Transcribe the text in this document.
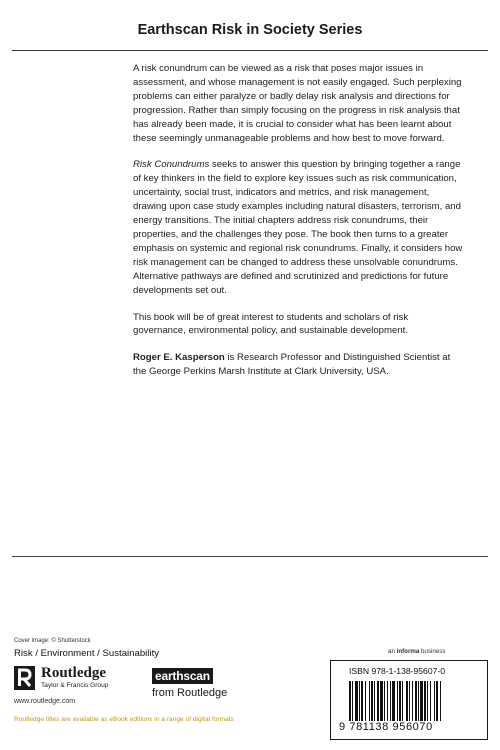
Earthscan Risk in Society Series

A risk conundrum can be viewed as a risk that poses major issues in assessment, and whose management is not easily engaged. Such perplexing problems can either paralyze or badly delay risk analysis and directions for progression. Rather than simply focusing on the progress in risk analysis that has already been made, it is crucial to consider what has been learnt about these seemingly unmanageable problems and how best to move forward.

Risk Conundrums seeks to answer this question by bringing together a range of key thinkers in the field to explore key issues such as risk communication, uncertainty, social trust, indicators and metrics, and risk management, drawing upon case study examples including natural disasters, terrorism, and energy transitions. The initial chapters address risk conundrums, their properties, and the challenges they pose. The book then turns to a greater emphasis on systemic and regional risk conundrums. Finally, it considers how risk management can be changed to address these unsolvable conundrums. Alternative pathways are defined and scrutinized and predictions for future developments set out.

This book will be of great interest to students and scholars of risk governance, environmental policy, and sustainable development.

Roger E. Kasperson is Research Professor and Distinguished Scientist at the George Perkins Marsh Institute at Clark University, USA.

Cover image: © Shutterstock
Risk / Environment / Sustainability	an informa business
Routledge
Taylor & Francis Group
earthscan
from Routledge
www.routledge.com
Routledge titles are available as eBook editions in a range of digital formats
ISBN 978-1-138-95607-0
9 781138 956070
